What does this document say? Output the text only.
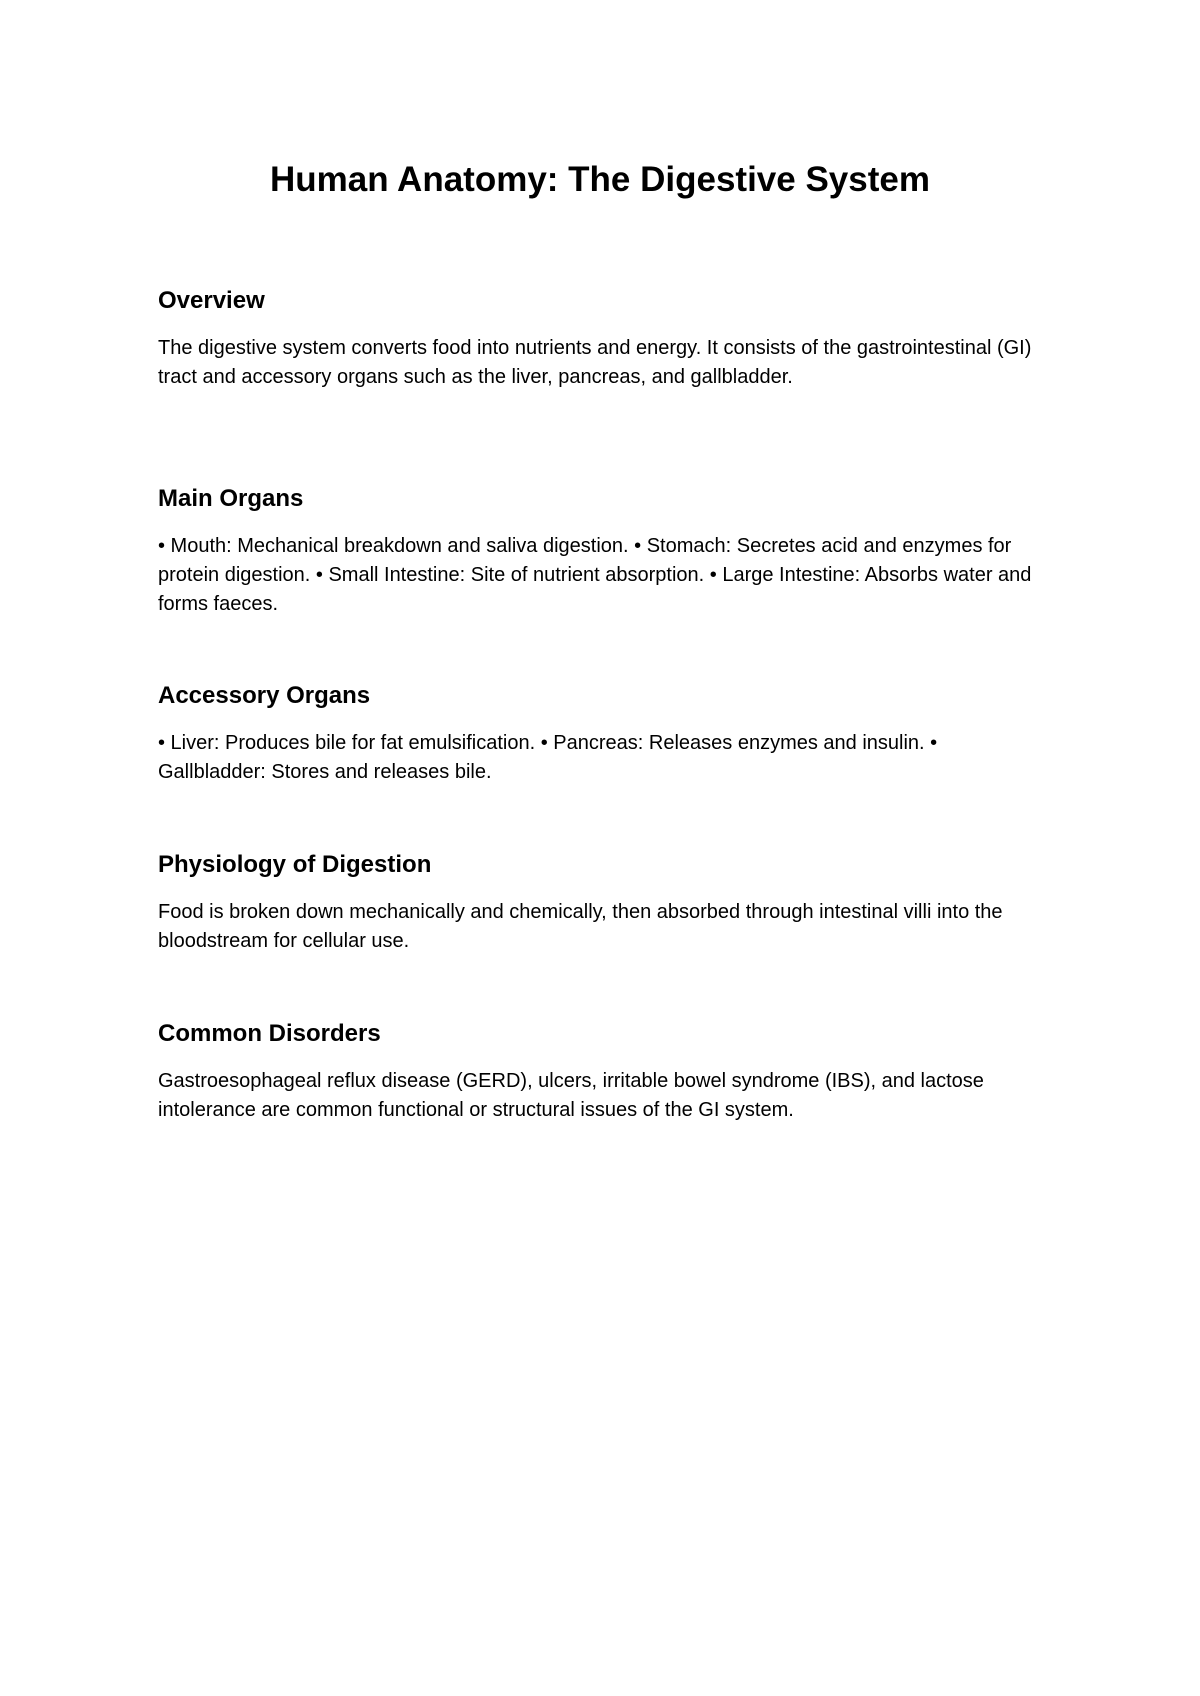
Human Anatomy: The Digestive System
Overview

The digestive system converts food into nutrients and energy. It consists of the gastrointestinal (GI) tract and accessory organs such as the liver, pancreas, and gallbladder.

Main Organs

• Mouth: Mechanical breakdown and saliva digestion. • Stomach: Secretes acid and enzymes for protein digestion. • Small Intestine: Site of nutrient absorption. • Large Intestine: Absorbs water and forms faeces.

Accessory Organs

• Liver: Produces bile for fat emulsification. • Pancreas: Releases enzymes and insulin. • Gallbladder: Stores and releases bile.

Physiology of Digestion

Food is broken down mechanically and chemically, then absorbed through intestinal villi into the bloodstream for cellular use.

Common Disorders

Gastroesophageal reflux disease (GERD), ulcers, irritable bowel syndrome (IBS), and lactose intolerance are common functional or structural issues of the GI system.
